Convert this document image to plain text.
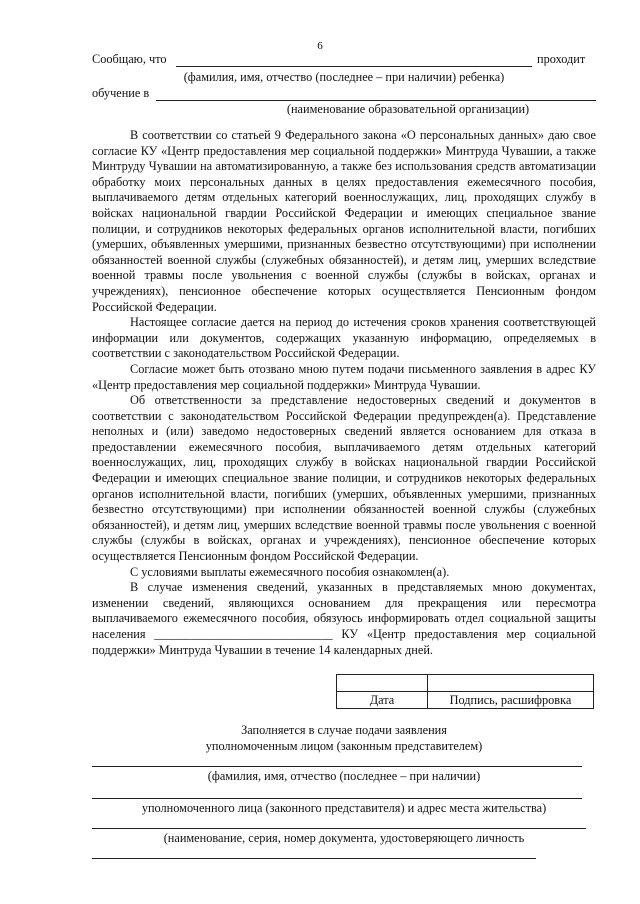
6
Сообщаю, что	проходит
(фамилия, имя, отчество (последнее – при наличии) ребенка)
обучение в
(наименование образовательной организации)

В соответствии со статьей 9 Федерального закона «О персональных данных» даю свое согласие КУ «Центр предоставления мер социальной поддержки» Минтруда Чувашии, а также Минтруду Чувашии на автоматизированную, а также без использования средств автоматизации обработку моих персональных данных в целях предоставления ежемесячного пособия, выплачиваемого детям отдельных категорий военнослужащих, лиц, проходящих службу в войсках национальной гвардии Российской Федерации и имеющих специальное звание полиции, и сотрудников некоторых федеральных органов исполнительной власти, погибших (умерших, объявленных умершими, признанных безвестно отсутствующими) при исполнении обязанностей военной службы (служебных обязанностей), и детям лиц, умерших вследствие военной травмы после увольнения с военной службы (службы в войсках, органах и учреждениях), пенсионное обеспечение которых осуществляется Пенсионным фондом Российской Федерации.

Настоящее согласие дается на период до истечения сроков хранения соответствующей информации или документов, содержащих указанную информацию, определяемых в соответствии с законодательством Российской Федерации.

Согласие может быть отозвано мною путем подачи письменного заявления в адрес КУ «Центр предоставления мер социальной поддержки» Минтруда Чувашии.

Об ответственности за представление недостоверных сведений и документов в соответствии с законодательством Российской Федерации предупрежден(а). Представление неполных и (или) заведомо недостоверных сведений является основанием для отказа в предоставлении ежемесячного пособия, выплачиваемого детям отдельных категорий военнослужащих, лиц, проходящих службу в войсках национальной гвардии Российской Федерации и имеющих специальное звание полиции, и сотрудников некоторых федеральных органов исполнительной власти, погибших (умерших, объявленных умершими, признанных безвестно отсутствующими) при исполнении обязанностей военной службы (служебных обязанностей), и детям лиц, умерших вследствие военной травмы после увольнения с военной службы (службы в войсках, органах и учреждениях), пенсионное обеспечение которых осуществляется Пенсионным фондом Российской Федерации.

С условиями выплаты ежемесячного пособия ознакомлен(а).

В случае изменения сведений, указанных в представляемых мною документах, изменении сведений, являющихся основанием для прекращения или пересмотра выплачиваемого ежемесячного пособия, обязуюсь информировать отдел социальной защиты населения _____________________________ КУ «Центр предоставления мер социальной поддержки» Минтруда Чувашии в течение 14 календарных дней.

Дата	Подпись, расшифровка
Заполняется в случае подачи заявления
уполномоченным лицом (законным представителем)
(фамилия, имя, отчество (последнее – при наличии)
уполномоченного лица (законного представителя) и адрес места жительства)
(наименование, серия, номер документа, удостоверяющего личность
